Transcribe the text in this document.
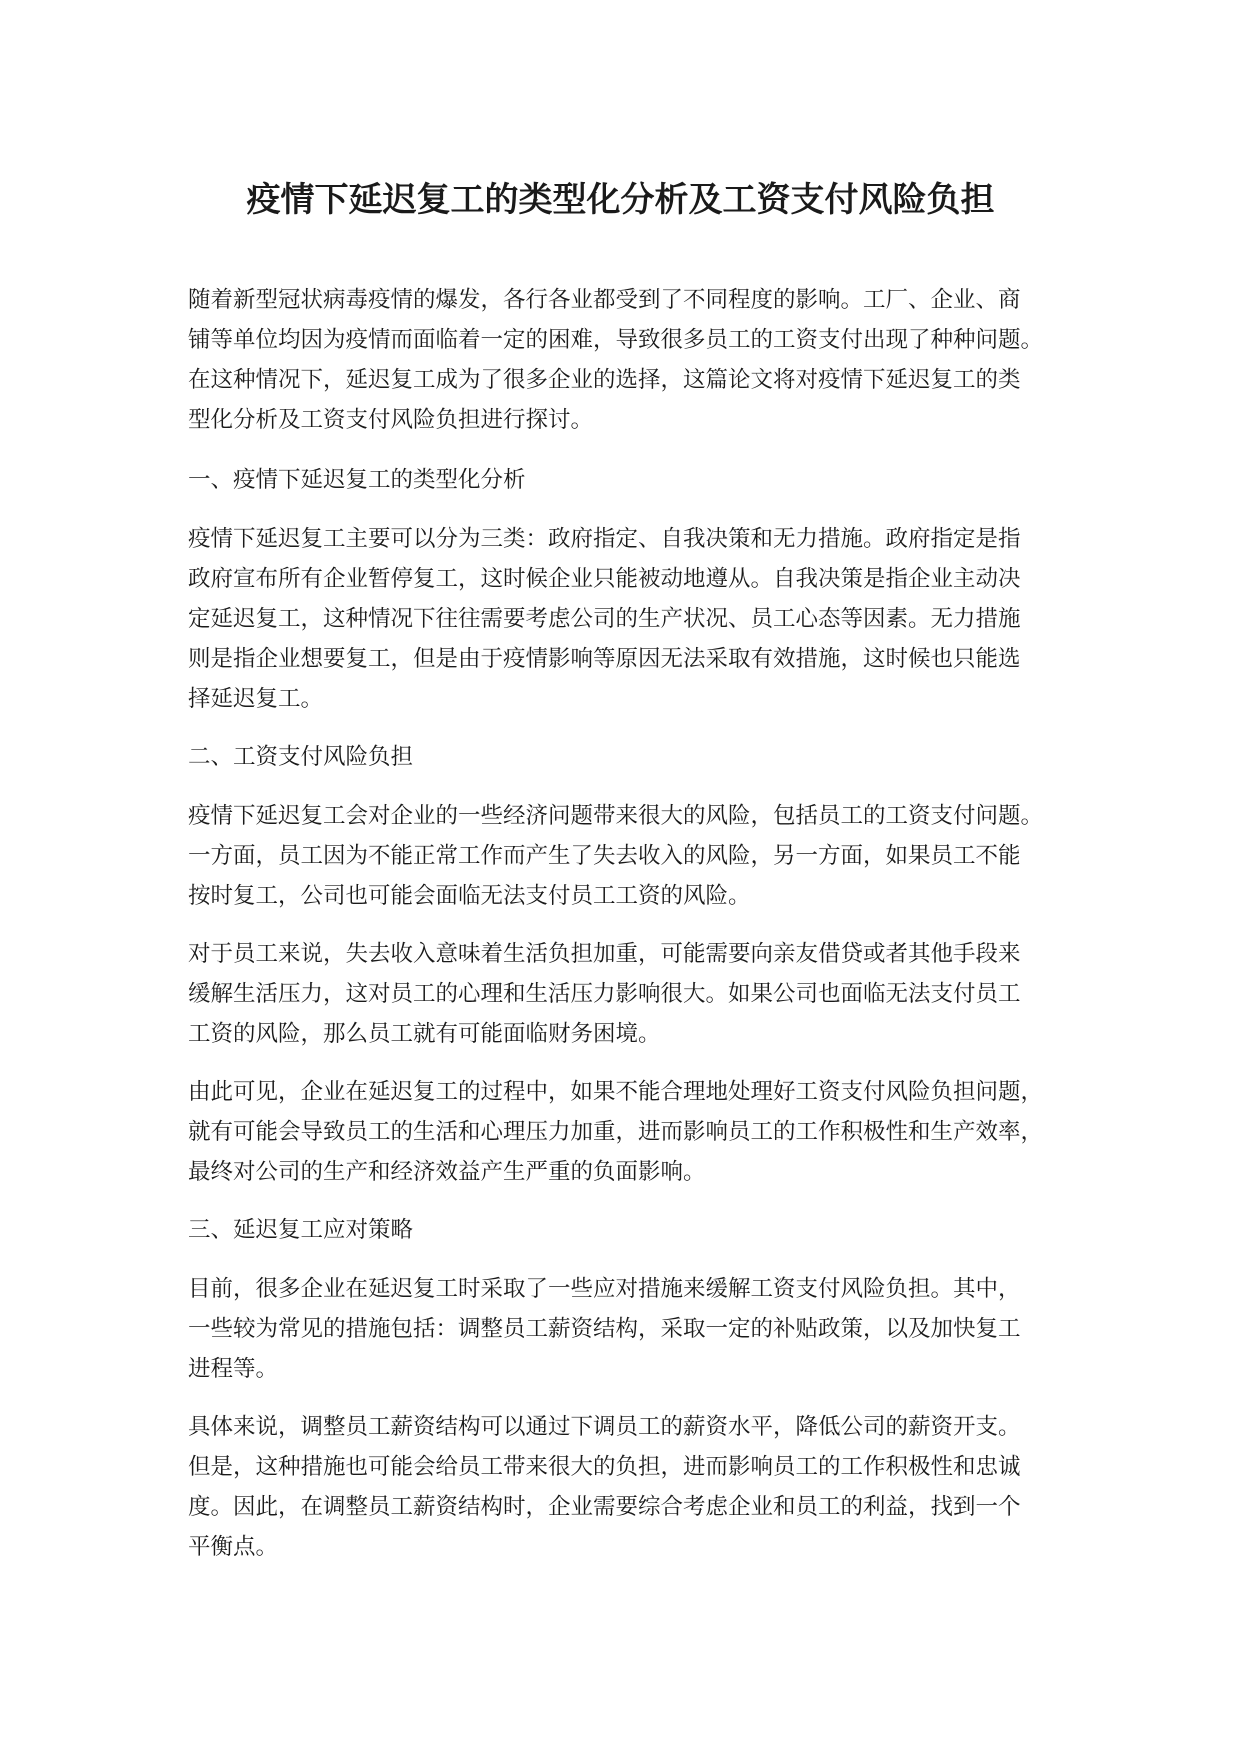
疫情下延迟复工的类型化分析及工资支付风险负担

随着新型冠状病毒疫情的爆发，各行各业都受到了不同程度的影响。工厂、企业、商
铺等单位均因为疫情而面临着一定的困难，导致很多员工的工资支付出现了种种问题。
在这种情况下，延迟复工成为了很多企业的选择，这篇论文将对疫情下延迟复工的类
型化分析及工资支付风险负担进行探讨。

一、疫情下延迟复工的类型化分析

疫情下延迟复工主要可以分为三类：政府指定、自我决策和无力措施。政府指定是指
政府宣布所有企业暂停复工，这时候企业只能被动地遵从。自我决策是指企业主动决
定延迟复工，这种情况下往往需要考虑公司的生产状况、员工心态等因素。无力措施
则是指企业想要复工，但是由于疫情影响等原因无法采取有效措施，这时候也只能选
择延迟复工。

二、工资支付风险负担

疫情下延迟复工会对企业的一些经济问题带来很大的风险，包括员工的工资支付问题。
一方面，员工因为不能正常工作而产生了失去收入的风险，另一方面，如果员工不能
按时复工，公司也可能会面临无法支付员工工资的风险。

对于员工来说，失去收入意味着生活负担加重，可能需要向亲友借贷或者其他手段来
缓解生活压力，这对员工的心理和生活压力影响很大。如果公司也面临无法支付员工
工资的风险，那么员工就有可能面临财务困境。

由此可见，企业在延迟复工的过程中，如果不能合理地处理好工资支付风险负担问题，
就有可能会导致员工的生活和心理压力加重，进而影响员工的工作积极性和生产效率，
最终对公司的生产和经济效益产生严重的负面影响。

三、延迟复工应对策略

目前，很多企业在延迟复工时采取了一些应对措施来缓解工资支付风险负担。其中，
一些较为常见的措施包括：调整员工薪资结构，采取一定的补贴政策，以及加快复工
进程等。

具体来说，调整员工薪资结构可以通过下调员工的薪资水平，降低公司的薪资开支。
但是，这种措施也可能会给员工带来很大的负担，进而影响员工的工作积极性和忠诚
度。因此，在调整员工薪资结构时，企业需要综合考虑企业和员工的利益，找到一个
平衡点。
